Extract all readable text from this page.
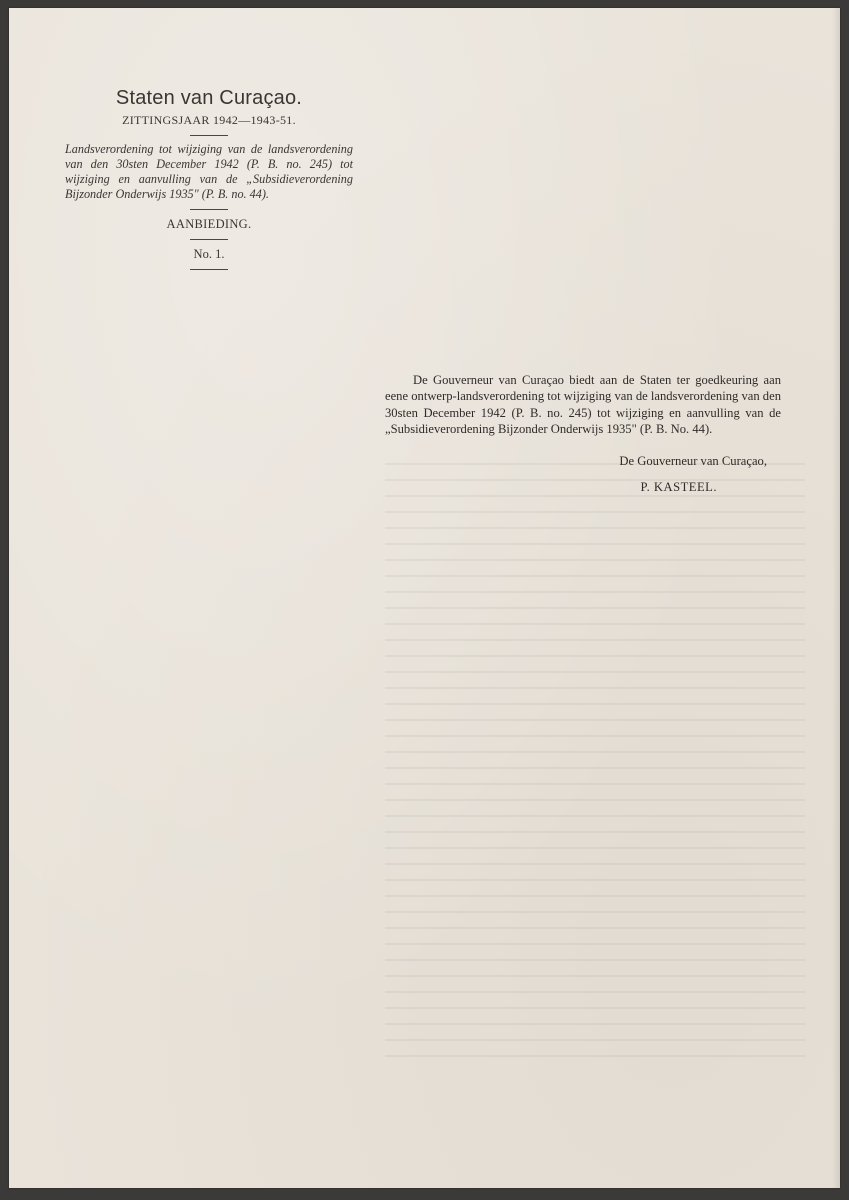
Staten van Curaçao.
ZITTINGSJAAR 1942—1943-51.

Landsverordening tot wijziging van de landsverordening van den 30sten December 1942 (P. B. no. 245) tot wijziging en aanvulling van de „Subsidieverordening Bijzonder Onderwijs 1935" (P. B. no. 44).

AANBIEDING.
No. 1.

De Gouverneur van Curaçao biedt aan de Staten ter goedkeuring aan eene ontwerp-landsverordening tot wijziging van de landsverordening van den 30sten December 1942 (P. B. no. 245) tot wijziging en aanvulling van de „Subsidieverordening Bijzonder Onderwijs 1935" (P. B. No. 44).

De Gouverneur van Curaçao,
P. KASTEEL.
